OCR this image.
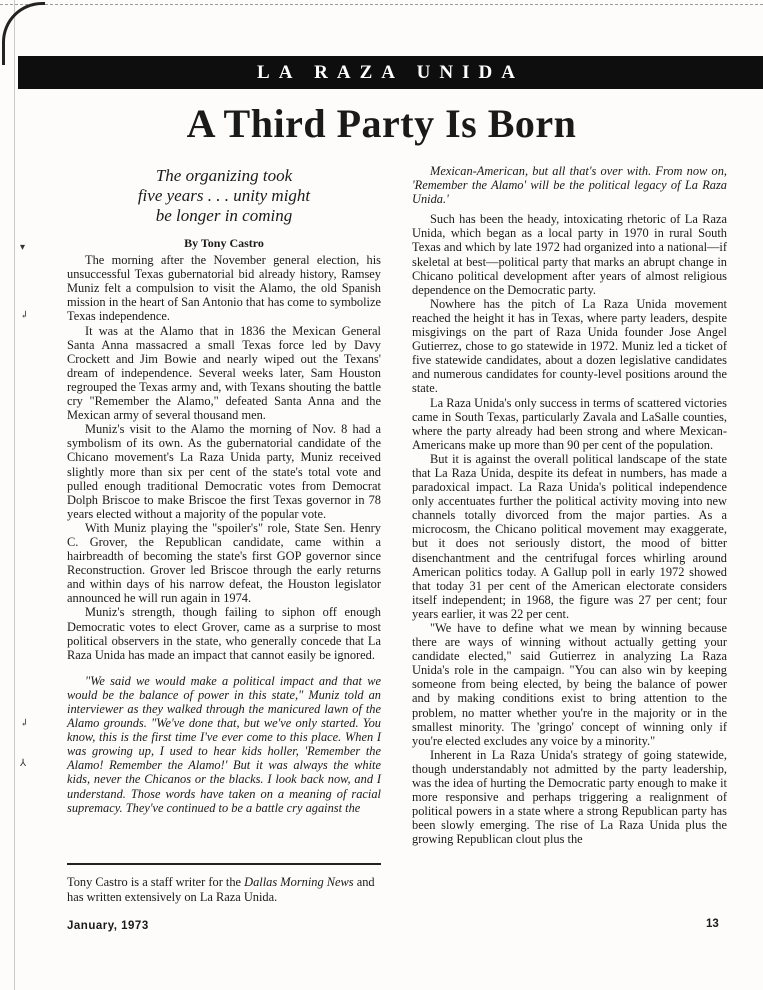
▾
↲
↲
⅄
LA RAZA UNIDA
A Third Party Is Born
The organizing took
five years . . . unity might
be longer in coming
By Tony Castro

The morning after the November general election, his unsuccessful Texas gubernatorial bid already history, Ramsey Muniz felt a compulsion to visit the Alamo, the old Spanish mission in the heart of San Antonio that has come to symbolize Texas independence.

It was at the Alamo that in 1836 the Mexican General Santa Anna massacred a small Texas force led by Davy Crockett and Jim Bowie and nearly wiped out the Texans' dream of independence. Several weeks later, Sam Houston regrouped the Texas army and, with Texans shouting the battle cry "Remember the Alamo," defeated Santa Anna and the Mexican army of several thousand men.

Muniz's visit to the Alamo the morning of Nov. 8 had a symbolism of its own. As the gubernatorial candidate of the Chicano movement's La Raza Unida party, Muniz received slightly more than six per cent of the state's total vote and pulled enough traditional Democratic votes from Democrat Dolph Briscoe to make Briscoe the first Texas governor in 78 years elected without a majority of the popular vote.

With Muniz playing the "spoiler's" role, State Sen. Henry C. Grover, the Republican candidate, came within a hairbreadth of becoming the state's first GOP governor since Reconstruction. Grover led Briscoe through the early returns and within days of his narrow defeat, the Houston legislator announced he will run again in 1974.

Muniz's strength, though failing to siphon off enough Democratic votes to elect Grover, came as a surprise to most political observers in the state, who generally concede that La Raza Unida has made an impact that cannot easily be ignored.

"We said we would make a political impact and that we would be the balance of power in this state," Muniz told an interviewer as they walked through the manicured lawn of the Alamo grounds. "We've done that, but we've only started. You know, this is the first time I've ever come to this place. When I was growing up, I used to hear kids holler, 'Remember the Alamo! Remember the Alamo!' But it was always the white kids, never the Chicanos or the blacks. I look back now, and I understand. Those words have taken on a meaning of racial supremacy. They've continued to be a battle cry against the

Mexican-American, but all that's over with. From now on, 'Remember the Alamo' will be the political legacy of La Raza Unida.'

Such has been the heady, intoxicating rhetoric of La Raza Unida, which began as a local party in 1970 in rural South Texas and which by late 1972 had organized into a national—if skeletal at best—political party that marks an abrupt change in Chicano political development after years of almost religious dependence on the Democratic party.

Nowhere has the pitch of La Raza Unida movement reached the height it has in Texas, where party leaders, despite misgivings on the part of Raza Unida founder Jose Angel Gutierrez, chose to go statewide in 1972. Muniz led a ticket of five statewide candidates, about a dozen legislative candidates and numerous candidates for county-level positions around the state.

La Raza Unida's only success in terms of scattered victories came in South Texas, particularly Zavala and LaSalle counties, where the party already had been strong and where Mexican-Americans make up more than 90 per cent of the population.

But it is against the overall political landscape of the state that La Raza Unida, despite its defeat in numbers, has made a paradoxical impact. La Raza Unida's political independence only accentuates further the political activity moving into new channels totally divorced from the major parties. As a microcosm, the Chicano political movement may exaggerate, but it does not seriously distort, the mood of bitter disenchantment and the centrifugal forces whirling around American politics today. A Gallup poll in early 1972 showed that today 31 per cent of the American electorate considers itself independent; in 1968, the figure was 27 per cent; four years earlier, it was 22 per cent.

"We have to define what we mean by winning because there are ways of winning without actually getting your candidate elected," said Gutierrez in analyzing La Raza Unida's role in the campaign. "You can also win by keeping someone from being elected, by being the balance of power and by making conditions exist to bring attention to the problem, no matter whether you're in the majority or in the smallest minority. The 'gringo' concept of winning only if you're elected excludes any voice by a minority."

Inherent in La Raza Unida's strategy of going statewide, though understandably not admitted by the party leadership, was the idea of hurting the Democratic party enough to make it more responsive and perhaps triggering a realignment of political powers in a state where a strong Republican party has been slowly emerging. The rise of La Raza Unida plus the growing Republican clout plus the

Tony Castro is a staff writer for the Dallas Morning News and has written extensively on La Raza Unida.
January, 1973	13
